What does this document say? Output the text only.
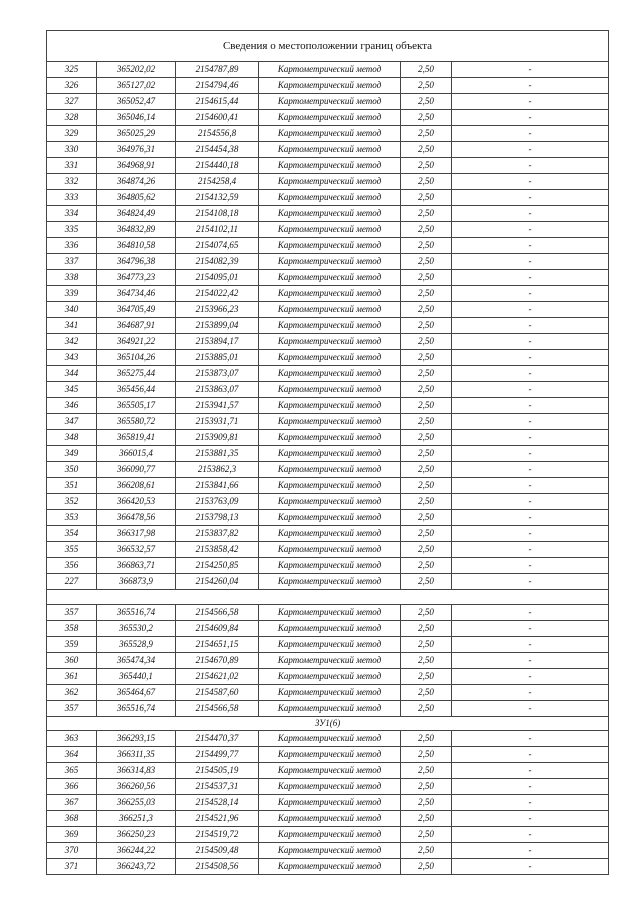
Сведения о местоположении границ объекта					
325	365202,02	2154787,89	Картометрический метод	2,50	-
326	365127,02	2154794,46	Картометрический метод	2,50	-
327	365052,47	2154615,44	Картометрический метод	2,50	-
328	365046,14	2154600,41	Картометрический метод	2,50	-
329	365025,29	2154556,8	Картометрический метод	2,50	-
330	364976,31	2154454,38	Картометрический метод	2,50	-
331	364968,91	2154440,18	Картометрический метод	2,50	-
332	364874,26	2154258,4	Картометрический метод	2,50	-
333	364805,62	2154132,59	Картометрический метод	2,50	-
334	364824,49	2154108,18	Картометрический метод	2,50	-
335	364832,89	2154102,11	Картометрический метод	2,50	-
336	364810,58	2154074,65	Картометрический метод	2,50	-
337	364796,38	2154082,39	Картометрический метод	2,50	-
338	364773,23	2154095,01	Картометрический метод	2,50	-
339	364734,46	2154022,42	Картометрический метод	2,50	-
340	364705,49	2153966,23	Картометрический метод	2,50	-
341	364687,91	2153899,04	Картометрический метод	2,50	-
342	364921,22	2153894,17	Картометрический метод	2,50	-
343	365104,26	2153885,01	Картометрический метод	2,50	-
344	365275,44	2153873,07	Картометрический метод	2,50	-
345	365456,44	2153863,07	Картометрический метод	2,50	-
346	365505,17	2153941,57	Картометрический метод	2,50	-
347	365580,72	2153931,71	Картометрический метод	2,50	-
348	365819,41	2153909,81	Картометрический метод	2,50	-
349	366015,4	2153881,35	Картометрический метод	2,50	-
350	366090,77	2153862,3	Картометрический метод	2,50	-
351	366208,61	2153841,66	Картометрический метод	2,50	-
352	366420,53	2153763,09	Картометрический метод	2,50	-
353	366478,56	2153798,13	Картометрический метод	2,50	-
354	366317,98	2153837,82	Картометрический метод	2,50	-
355	366532,57	2153858,42	Картометрический метод	2,50	-
356	366863,71	2154250,85	Картометрический метод	2,50	-
227	366873,9	2154260,04	Картометрический метод	2,50	-

357	365516,74	2154566,58	Картометрический метод	2,50	-
358	365530,2	2154609,84	Картометрический метод	2,50	-
359	365528,9	2154651,15	Картометрический метод	2,50	-
360	365474,34	2154670,89	Картометрический метод	2,50	-
361	365440,1	2154621,02	Картометрический метод	2,50	-
362	365464,67	2154587,60	Картометрический метод	2,50	-
357	365516,74	2154566,58	Картометрический метод	2,50	-
ЗУ1(6)					
363	366293,15	2154470,37	Картометрический метод	2,50	-
364	366311,35	2154499,77	Картометрический метод	2,50	-
365	366314,83	2154505,19	Картометрический метод	2,50	-
366	366260,56	2154537,31	Картометрический метод	2,50	-
367	366255,03	2154528,14	Картометрический метод	2,50	-
368	366251,3	2154521,96	Картометрический метод	2,50	-
369	366250,23	2154519,72	Картометрический метод	2,50	-
370	366244,22	2154509,48	Картометрический метод	2,50	-
371	366243,72	2154508,56	Картометрический метод	2,50	-
